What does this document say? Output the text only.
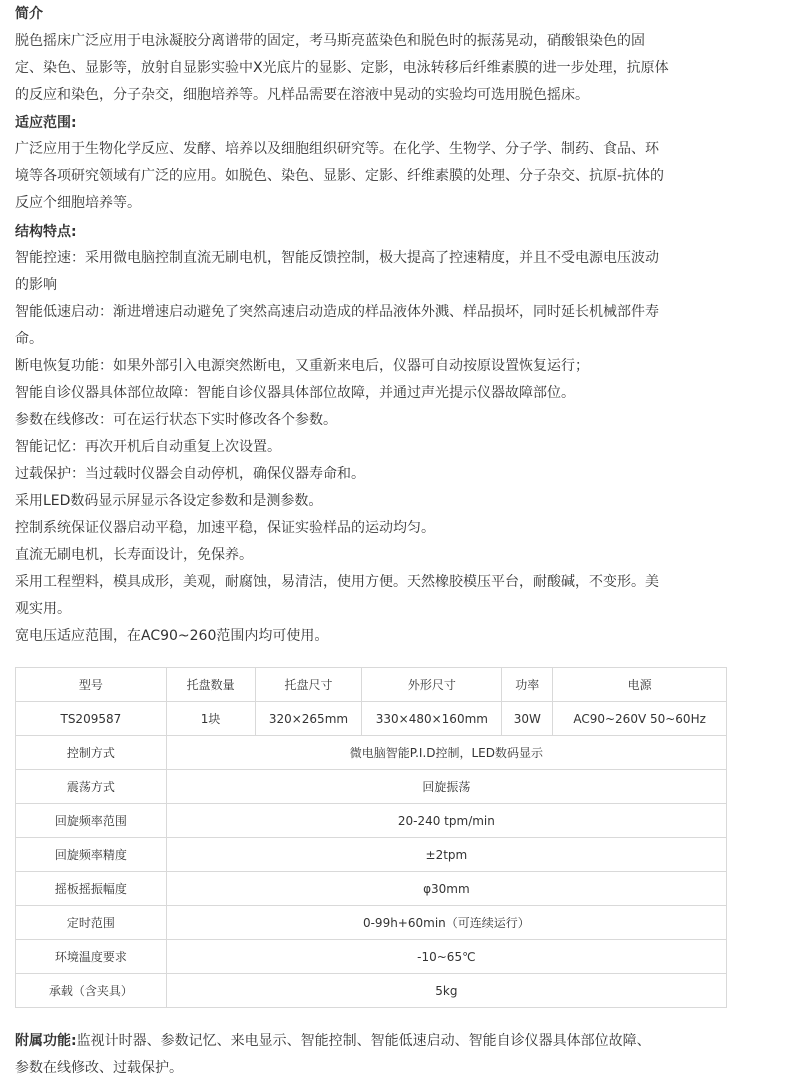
简介

脱色摇床广泛应用于电泳凝胶分离谱带的固定，考马斯亮蓝染色和脱色时的振荡晃动，硝酸银染色的固

定、染色、显影等，放射自显影实验中X光底片的显影、定影，电泳转移后纤维素膜的进一步处理，抗原体

的反应和染色，分子杂交，细胞培养等。凡样品需要在溶液中晃动的实验均可选用脱色摇床。

适应范围:

广泛应用于生物化学反应、发酵、培养以及细胞组织研究等。在化学、生物学、分子学、制药、食品、环

境等各项研究领域有广泛的应用。如脱色、染色、显影、定影、纤维素膜的处理、分子杂交、抗原-抗体的

反应个细胞培养等。

结构特点:

智能控速：采用微电脑控制直流无刷电机，智能反馈控制，极大提高了控速精度，并且不受电源电压波动

的影响

智能低速启动：渐进增速启动避免了突然高速启动造成的样品液体外溅、样品损坏，同时延长机械部件寿

命。

断电恢复功能：如果外部引入电源突然断电，又重新来电后，仪器可自动按原设置恢复运行；

智能自诊仪器具体部位故障：智能自诊仪器具体部位故障，并通过声光提示仪器故障部位。

参数在线修改：可在运行状态下实时修改各个参数。

智能记忆：再次开机后自动重复上次设置。

过载保护：当过载时仪器会自动停机，确保仪器寿命和。

采用LED数码显示屏显示各设定参数和是测参数。

控制系统保证仪器启动平稳，加速平稳，保证实验样品的运动均匀。

直流无刷电机，长寿面设计，免保养。

采用工程塑料，模具成形，美观，耐腐蚀，易清洁，使用方便。天然橡胶模压平台，耐酸碱，不变形。美

观实用。

宽电压适应范围，在AC90~260范围内均可使用。

型号	托盘数量	托盘尺寸	外形尺寸	功率	电源
TS209587	1块	320×265mm	330×480×160mm	30W	AC90~260V 50~60Hz
控制方式	微电脑智能P.I.D控制，LED数码显示				
震荡方式	回旋振荡				
回旋频率范围	20-240 tpm/min				
回旋频率精度	±2tpm				
摇板摇振幅度	φ30mm				
定时范围	0-99h+60min（可连续运行）				
环境温度要求	-10~65℃				
承载（含夹具）	5kg				
附属功能:监视计时器、参数记忆、来电显示、智能控制、智能低速启动、智能自诊仪器具体部位故障、
参数在线修改、过载保护。
